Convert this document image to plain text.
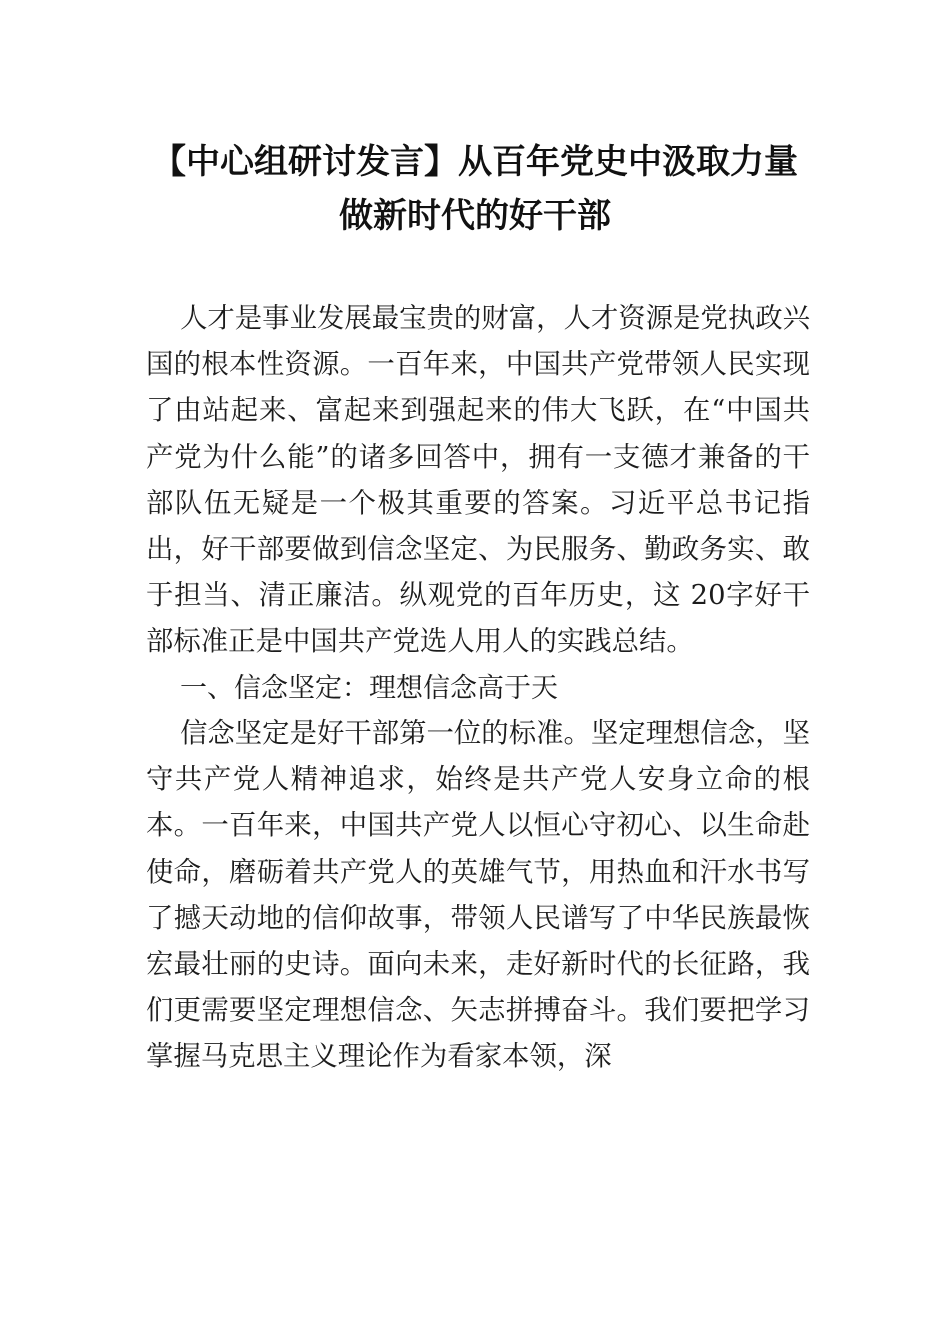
【中心组研讨发言】从百年党史中汲取力量
做新时代的好干部

人才是事业发展最宝贵的财富，人才资源是党执政兴国的根本性资源。一百年来，中国共产党带领人民实现了由站起来、富起来到强起来的伟大飞跃，在“中国共产党为什么能”的诸多回答中，拥有一支德才兼备的干部队伍无疑是一个极其重要的答案。习近平总书记指出，好干部要做到信念坚定、为民服务、勤政务实、敢于担当、清正廉洁。纵观党的百年历史，这 20字好干部标准正是中国共产党选人用人的实践总结。

一、信念坚定：理想信念高于天

信念坚定是好干部第一位的标准。坚定理想信念，坚守共产党人精神追求，始终是共产党人安身立命的根本。一百年来，中国共产党人以恒心守初心、以生命赴使命，磨砺着共产党人的英雄气节，用热血和汗水书写了撼天动地的信仰故事，带领人民谱写了中华民族最恢宏最壮丽的史诗。面向未来，走好新时代的长征路，我们更需要坚定理想信念、矢志拼搏奋斗。我们要把学习掌握马克思主义理论作为看家本领，深
